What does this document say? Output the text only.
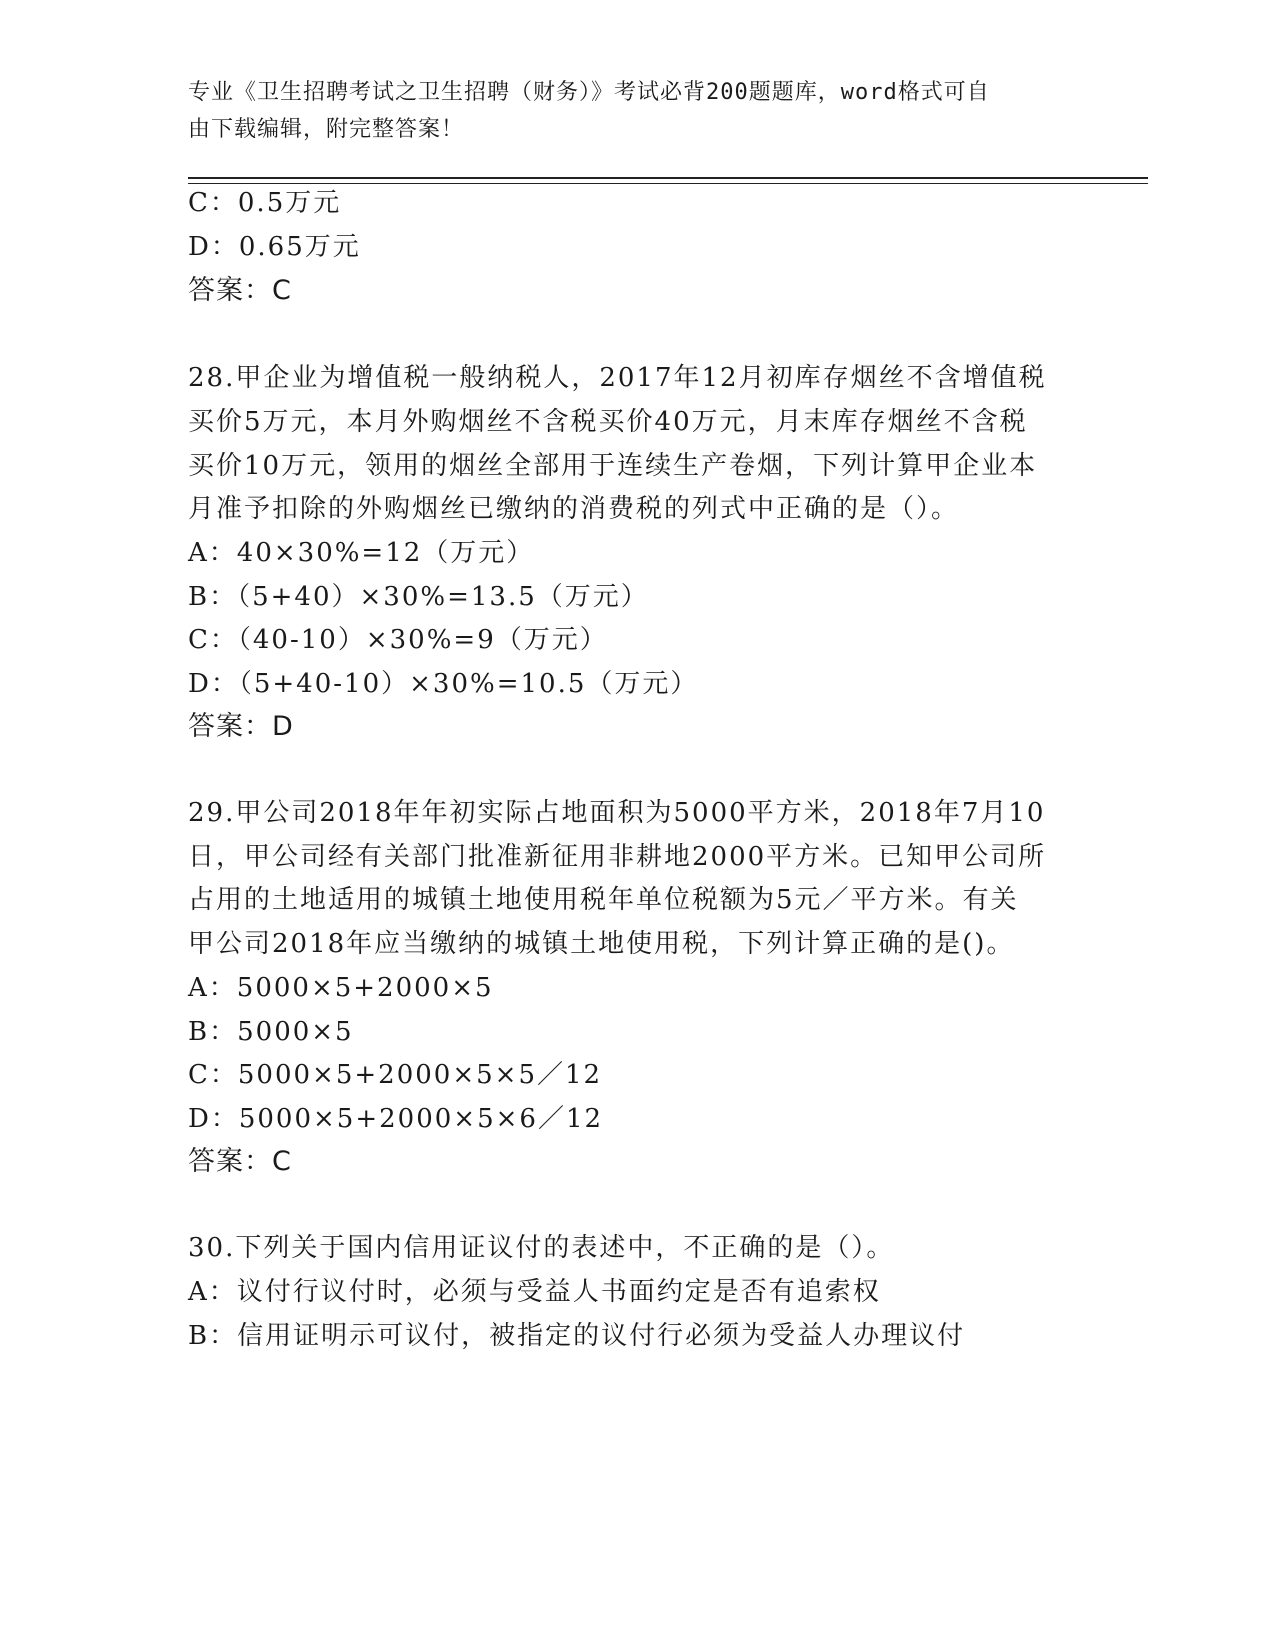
专业《卫生招聘考试之卫生招聘（财务）》考试必背200题题库，word格式可自
由下载编辑，附完整答案！
C：0.5万元
D：0.65万元
答案：C
28.甲企业为增值税一般纳税人，2017年12月初库存烟丝不含增值税
买价5万元，本月外购烟丝不含税买价40万元，月末库存烟丝不含税
买价10万元，领用的烟丝全部用于连续生产卷烟，下列计算甲企业本
月准予扣除的外购烟丝已缴纳的消费税的列式中正确的是（）。
A：40×30%=12（万元）
B：（5+40）×30%=13.5（万元）
C：（40-10）×30%=9（万元）
D：（5+40-10）×30%=10.5（万元）
答案：D
29.甲公司2018年年初实际占地面积为5000平方米，2018年7月10
日，甲公司经有关部门批准新征用非耕地2000平方米。已知甲公司所
占用的土地适用的城镇土地使用税年单位税额为5元／平方米。有关
甲公司2018年应当缴纳的城镇土地使用税，下列计算正确的是()。
A：5000×5+2000×5
B：5000×5
C：5000×5+2000×5×5／12
D：5000×5+2000×5×6／12
答案：C
30.下列关于国内信用证议付的表述中，不正确的是（）。
A：议付行议付时，必须与受益人书面约定是否有追索权
B：信用证明示可议付，被指定的议付行必须为受益人办理议付
